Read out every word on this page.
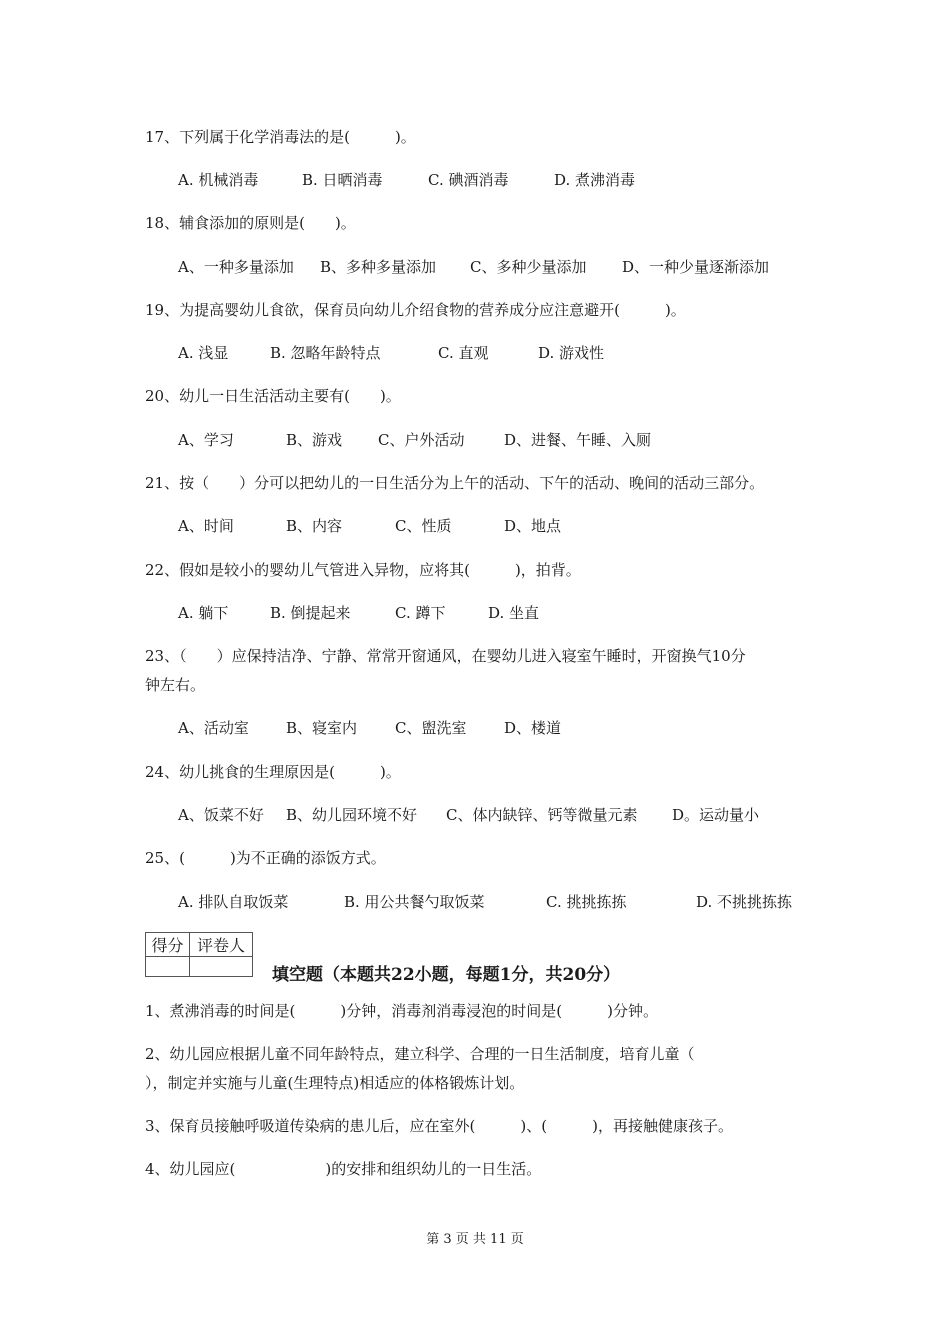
17、下列属于化学消毒法的是(　　　)。
A. 机械消毒	B. 日晒消毒	C. 碘酒消毒	D. 煮沸消毒
18、辅食添加的原则是(　　)。
A、一种多量添加 B、多种多量添加 C、多种少量添加 D、一种少量逐渐添加
19、为提高婴幼儿食欲，保育员向幼儿介绍食物的营养成分应注意避开(　　　)。
A. 浅显	B. 忽略年龄特点	C. 直观	D. 游戏性
20、幼儿一日生活活动主要有(　　)。
A、学习	B、游戏 C、户外活动	D、进餐、午睡、入厕
21、按（　　）分可以把幼儿的一日生活分为上午的活动、下午的活动、晚间的活动三部分。
A、时间	B、内容	C、性质	D、地点
22、假如是较小的婴幼儿气管进入异物，应将其(　　　)，拍背。
A. 躺下	B. 倒提起来	C. 蹲下	D. 坐直
23、（　　）应保持洁净、宁静、常常开窗通风，在婴幼儿进入寝室午睡时，开窗换气10分
钟左右。
A、活动室 B、寝室内	C、盥洗室	D、楼道
24、幼儿挑食的生理原因是(　　　)。
A、饭菜不好 B、幼儿园环境不好 C、体内缺锌、钙等微量元素 D。运动量小
25、(　　　)为不正确的添饭方式。
A. 排队自取饭菜	B. 用公共餐勺取饭菜	C. 挑挑拣拣	D. 不挑挑拣拣
得分	评卷人

填空题（本题共22小题，每题1分，共20分）
1、煮沸消毒的时间是(　　　)分钟，消毒剂消毒浸泡的时间是(　　　)分钟。
2、幼儿园应根据儿童不同年龄特点，建立科学、合理的一日生活制度，培育儿童（
），制定并实施与儿童(生理特点)相适应的体格锻炼计划。
3、保育员接触呼吸道传染病的患儿后，应在室外(　　　)、(　　　)，再接触健康孩子。
4、幼儿园应(　　　　　　)的安排和组织幼儿的一日生活。
第 3 页 共 11 页
